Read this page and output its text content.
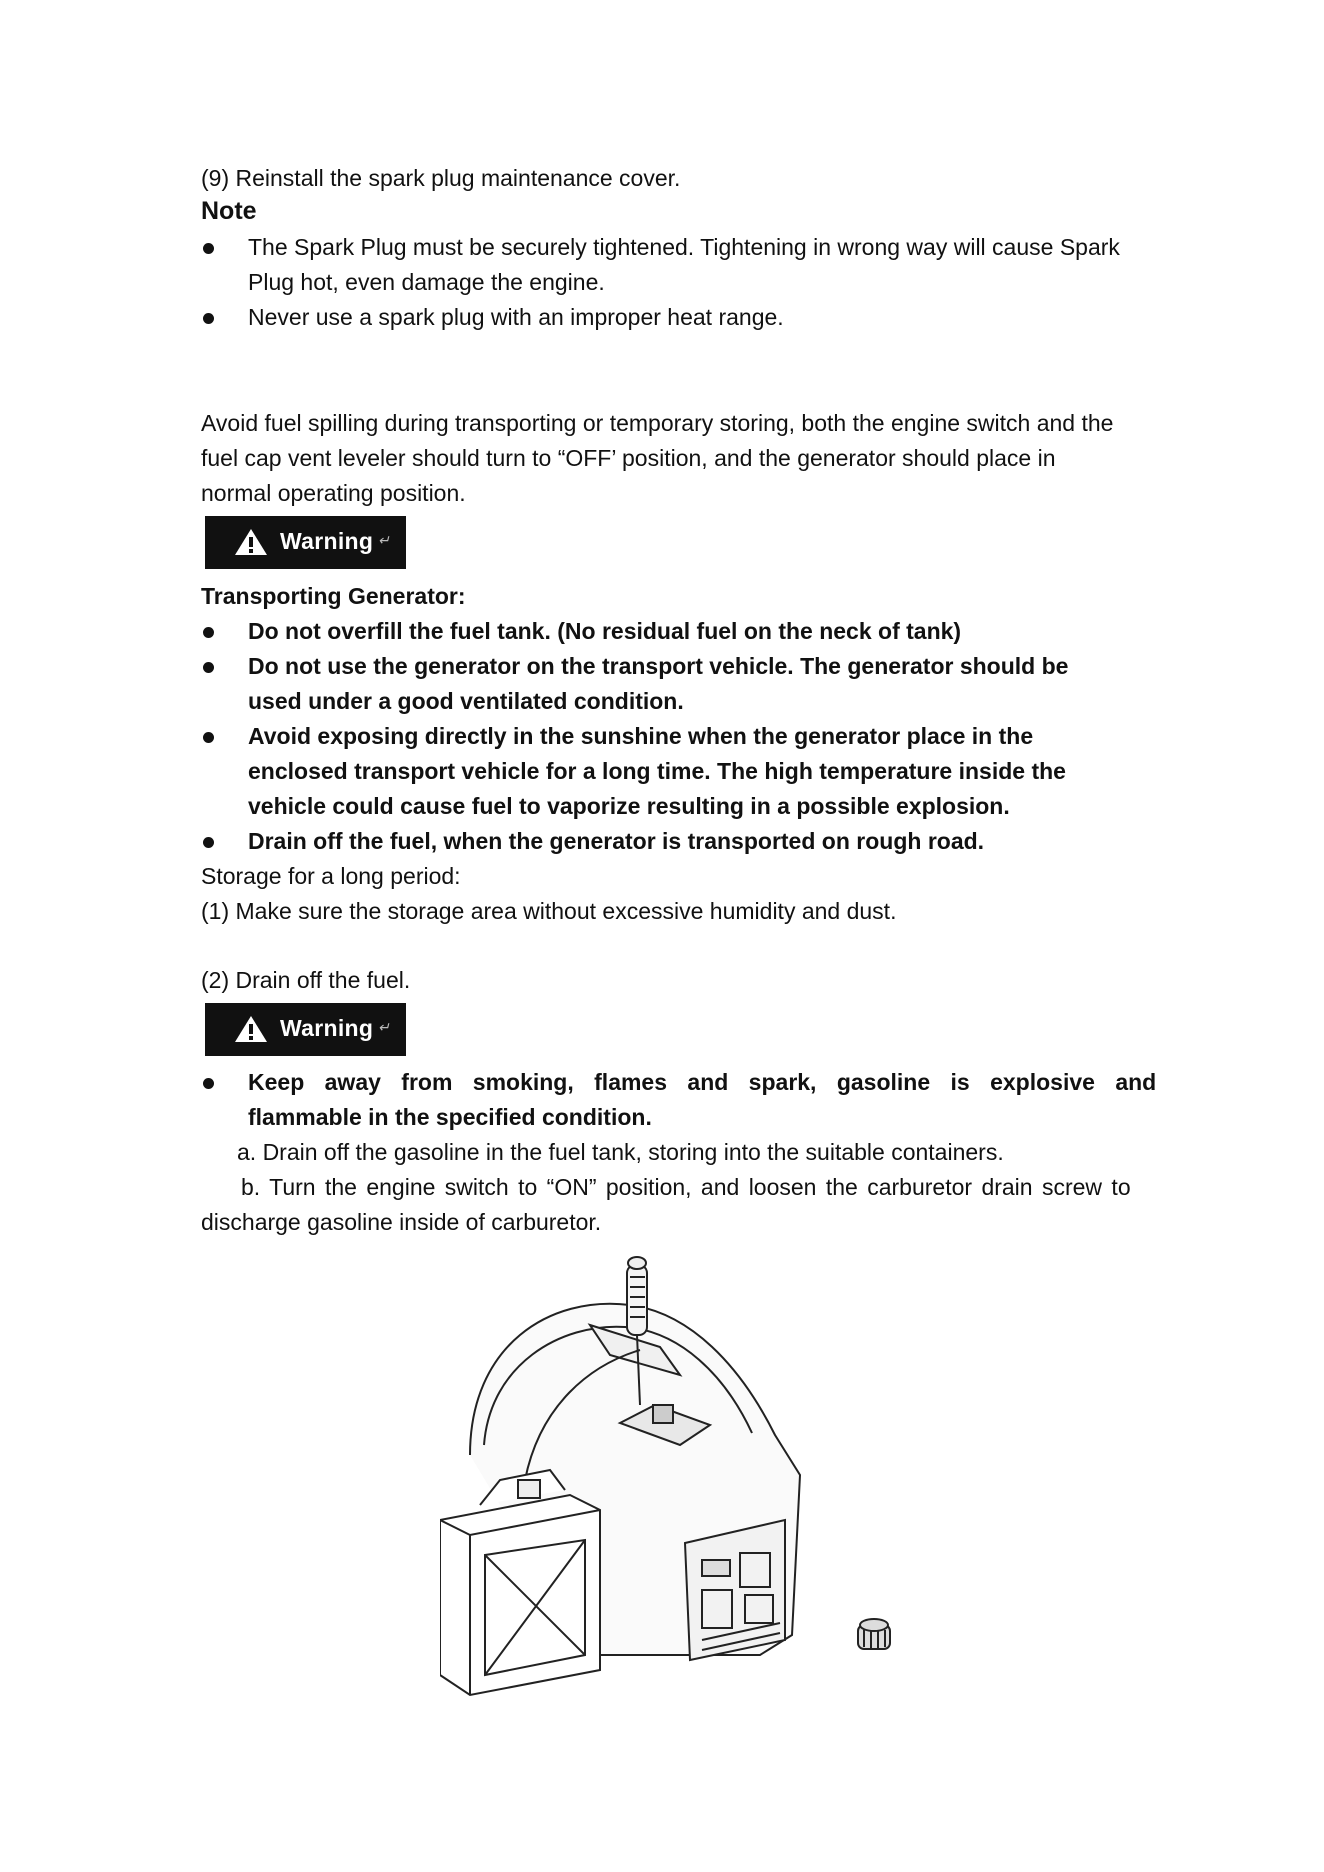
(9) Reinstall the spark plug maintenance cover.
Note
The Spark Plug must be securely tightened. Tightening in wrong way will cause Spark
Plug hot, even damage the engine.
Never use a spark plug with an improper heat range.
Avoid fuel spilling during transporting or temporary storing, both the engine switch and the
fuel cap vent leveler should turn to “OFF’ position, and the generator should place in
normal operating position.
Warning ↵
Transporting Generator:
Do not overfill the fuel tank. (No residual fuel on the neck of tank)
Do not use the generator on the transport vehicle. The generator should be
used under a good ventilated condition.
Avoid exposing directly in the sunshine when the generator place in the
enclosed transport vehicle for a long time. The high temperature inside the
vehicle could cause fuel to vaporize resulting in a possible explosion.
Drain off the fuel, when the generator is transported on rough road.
Storage for a long period:
(1) Make sure the storage area without excessive humidity and dust.
(2) Drain off the fuel.
Warning ↵
Keep away from smoking, flames and spark, gasoline is explosive and
flammable in the specified condition.
a. Drain off the gasoline in the fuel tank, storing into the suitable containers.
b. Turn the engine switch to “ON” position, and loosen the carburetor drain screw to
discharge gasoline inside of carburetor.
